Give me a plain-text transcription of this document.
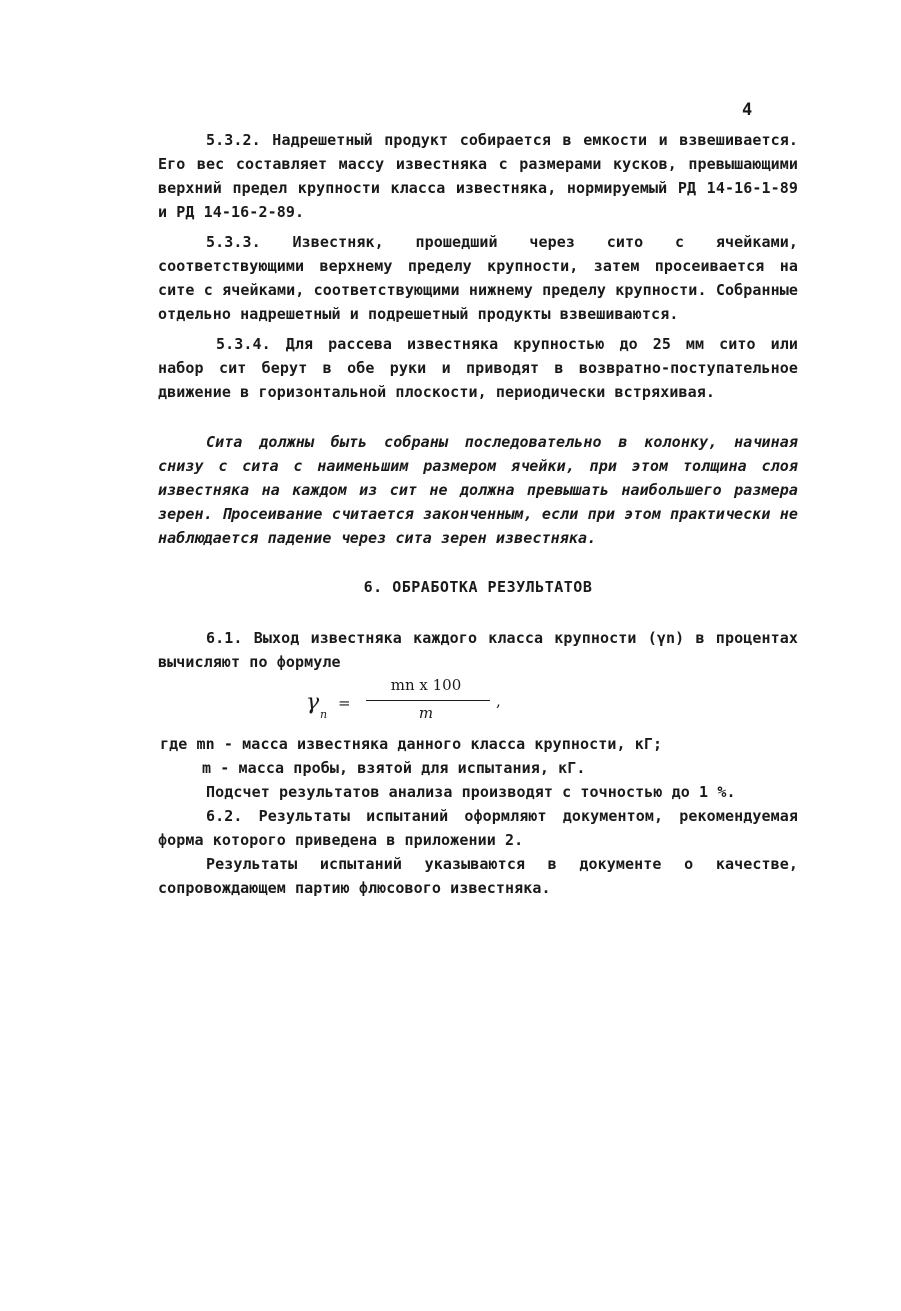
4
5.3.2. Надрешетный продукт собирается в емкости и взвешивается. Его вес составляет массу известняка с размерами кусков, превышающими верхний предел крупности класса известняка, нормируемый РД 14-16-1-89 и РД 14-16-2-89.
5.3.3. Известняк, прошедший через сито с ячейками, соответствующими верхнему пределу крупности, затем просеивается на сите с ячейками, соответствующими нижнему пределу крупности. Собранные отдельно надрешетный и подрешетный продукты взвешиваются.
5.3.4. Для рассева известняка крупностью до 25 мм сито или набор сит берут в обе руки и приводят в возвратно-поступательное движение в горизонтальной плоскости, периодически встряхивая.
Сита должны быть собраны последовательно в колонку, начиная снизу с сита с наименьшим размером ячейки, при этом толщина слоя известняка на каждом из сит не должна превышать наибольшего размера зерен. Просеивание считается законченным, если при этом практически не наблюдается падение через сита зерен известняка.
6. ОБРАБОТКА РЕЗУЛЬТАТОВ
6.1. Выход известняка каждого класса крупности (γn) в процентах вычисляют по формуле
γ n
=
mn x 100
m
,
где mn - масса известняка данного класса крупности, кГ;
m - масса пробы, взятой для испытания, кГ.
Подсчет результатов анализа производят с точностью до 1 %.
6.2. Результаты испытаний оформляют документом, рекомендуемая форма которого приведена в приложении 2.
Результаты испытаний указываются в документе о качестве, сопровождающем партию флюсового известняка.
